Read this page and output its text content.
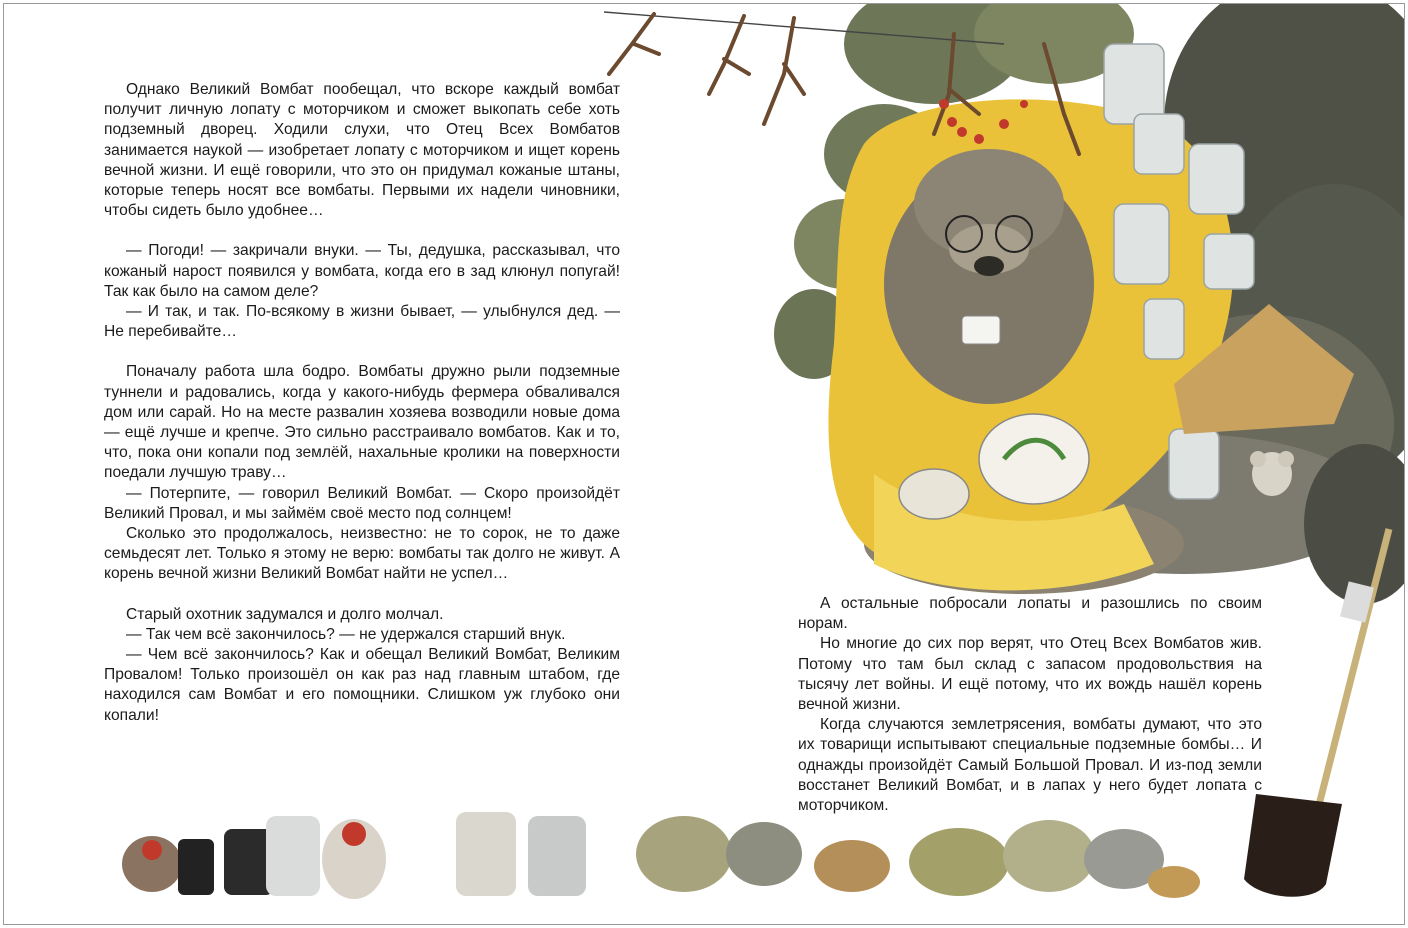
Однако Великий Вомбат пообещал, что вскоре каждый вомбат получит личную лопату с моторчиком и сможет выкопать себе хоть подземный дворец. Ходили слухи, что Отец Всех Вомбатов занимается наукой — изобретает лопату с моторчиком и ищет корень вечной жизни. И ещё говорили, что это он придумал кожаные штаны, которые теперь носят все вомбаты. Первыми их надели чиновники, чтобы сидеть было удобнее…

— Погоди! — закричали внуки. — Ты, дедушка, рассказывал, что кожаный нарост появился у вомбата, когда его в зад клюнул попугай! Так как было на самом деле?

— И так, и так. По-всякому в жизни бывает, — улыбнулся дед. — Не перебивайте…

Поначалу работа шла бодро. Вомбаты дружно рыли подземные туннели и радовались, когда у какого-нибудь фермера обваливался дом или сарай. Но на месте развалин хозяева возводили новые дома — ещё лучше и крепче. Это сильно расстраивало вомбатов. Как и то, что, пока они копали под землёй, нахальные кролики на поверхности поедали лучшую траву…

— Потерпите, — говорил Великий Вомбат. — Скоро произойдёт Великий Провал, и мы займём своё место под солнцем!

Сколько это продолжалось, неизвестно: не то сорок, не то даже семьдесят лет. Только я этому не верю: вомбаты так долго не живут. А корень вечной жизни Великий Вомбат найти не успел…

Старый охотник задумался и долго молчал.

— Так чем всё закончилось? — не удержался старший внук.

— Чем всё закончилось? Как и обещал Великий Вомбат, Великим Провалом! Только произошёл он как раз над главным штабом, где находился сам Вомбат и его помощники. Слишком уж глубоко они копали!

А остальные побросали лопаты и разошлись по своим норам.

Но многие до сих пор верят, что Отец Всех Вомбатов жив. Потому что там был склад с запасом продовольствия на тысячу лет войны. И ещё потому, что их вождь нашёл корень вечной жизни.

Когда случаются землетрясения, вомбаты думают, что это их товарищи испытывают специальные подземные бомбы… И однажды произойдёт Самый Большой Провал. И из-под земли восстанет Великий Вомбат, и в лапах у него будет лопата с моторчиком.
